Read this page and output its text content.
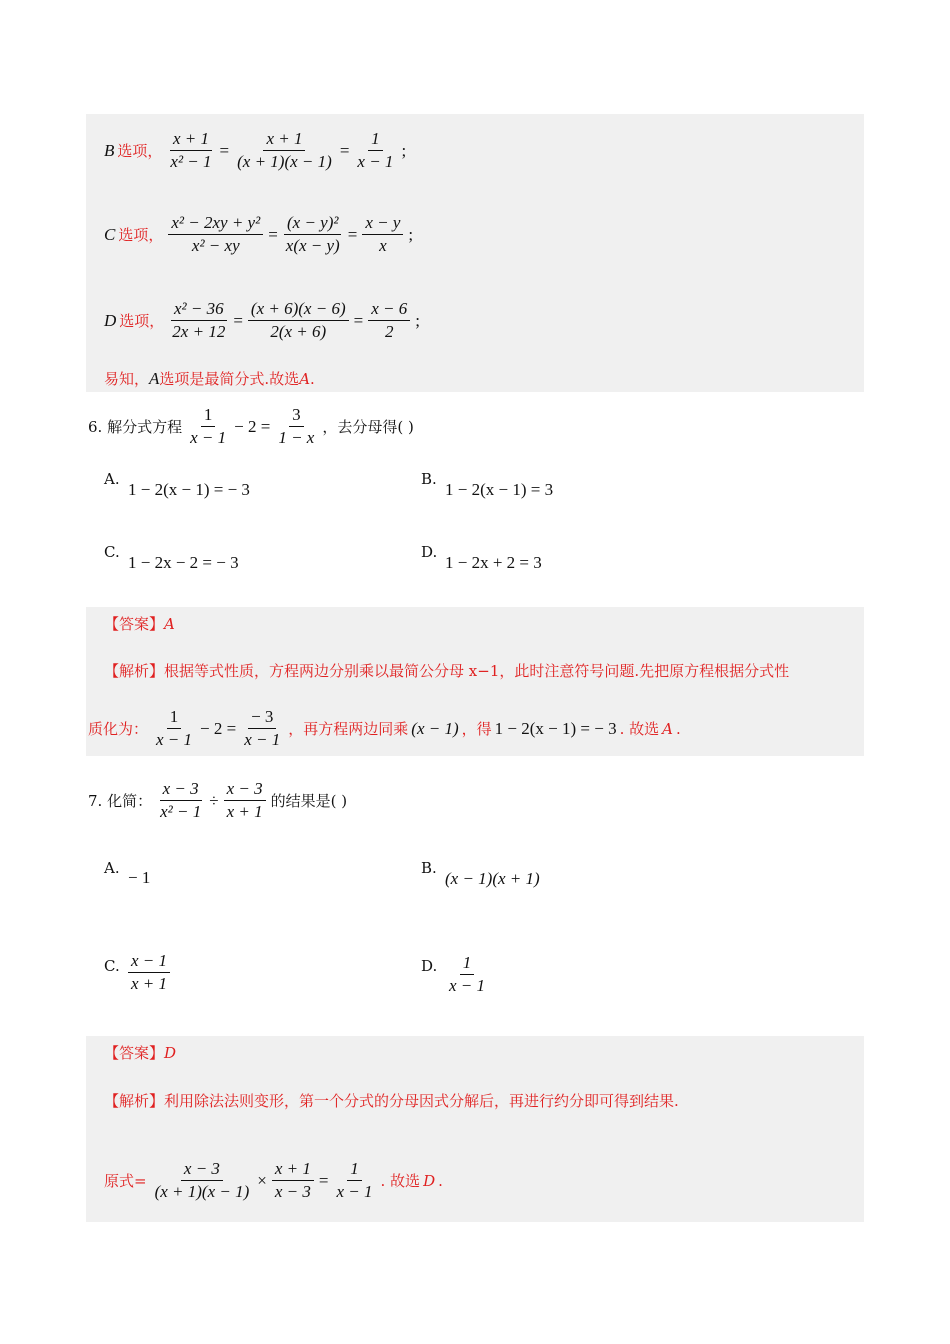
B 选项， $\frac{x + 1}{\text{x² − 1}} = \frac{x + 1}{(x + 1)(x - 1)} = \frac{1}{x - 1}$ ;
C 选项， $\frac{\text{x² − 2xy + y²}}{\text{x² − xy}} = \frac{\text{(x − y)²}}{x(x - y)} = \frac{x - y}{x}$ ;
D 选项， $\frac{\text{x² − 36}}{2x + 12} = \frac{(x + 6)(x - 6)}{2(x + 6)} = \frac{x - 6}{2}$ ;
易知，A选项是最简分式.故选A.
6. 解分式方程 $\frac{1}{x - 1} - 2 = \frac{3}{1 - x}$ ，去分母得( )
A.
1 − 2(x − 1) = − 3
B.
1 − 2(x − 1) = 3
C.
1 − 2x − 2 = − 3
D.
1 − 2x + 2 = 3
【答案】A
【解析】根据等式性质，方程两边分别乘以最简公分母 x−1，此时注意符号问题.先把原方程根据分式性
质化为： $\frac{1}{x - 1} - 2 = \frac{- 3}{x - 1}$ ，再方程两边同乘 (x − 1) ，得 1 − 2(x − 1) = − 3 . 故选 A .
7. 化简： $\frac{x - 3}{\text{x² − 1}} \div \frac{x - 3}{x + 1}$ 的结果是( )
A. − 1	B.
(x − 1)(x + 1)
C. $\frac{x - 1}{x + 1}$	D. $\frac{1}{x - 1}$
【答案】D
【解析】利用除法法则变形，第一个分式的分母因式分解后，再进行约分即可得到结果.
原式= $\frac{x - 3}{(x + 1)(x - 1)} \times \frac{x + 1}{x - 3} = \frac{1}{x - 1}$ . 故选 D .
